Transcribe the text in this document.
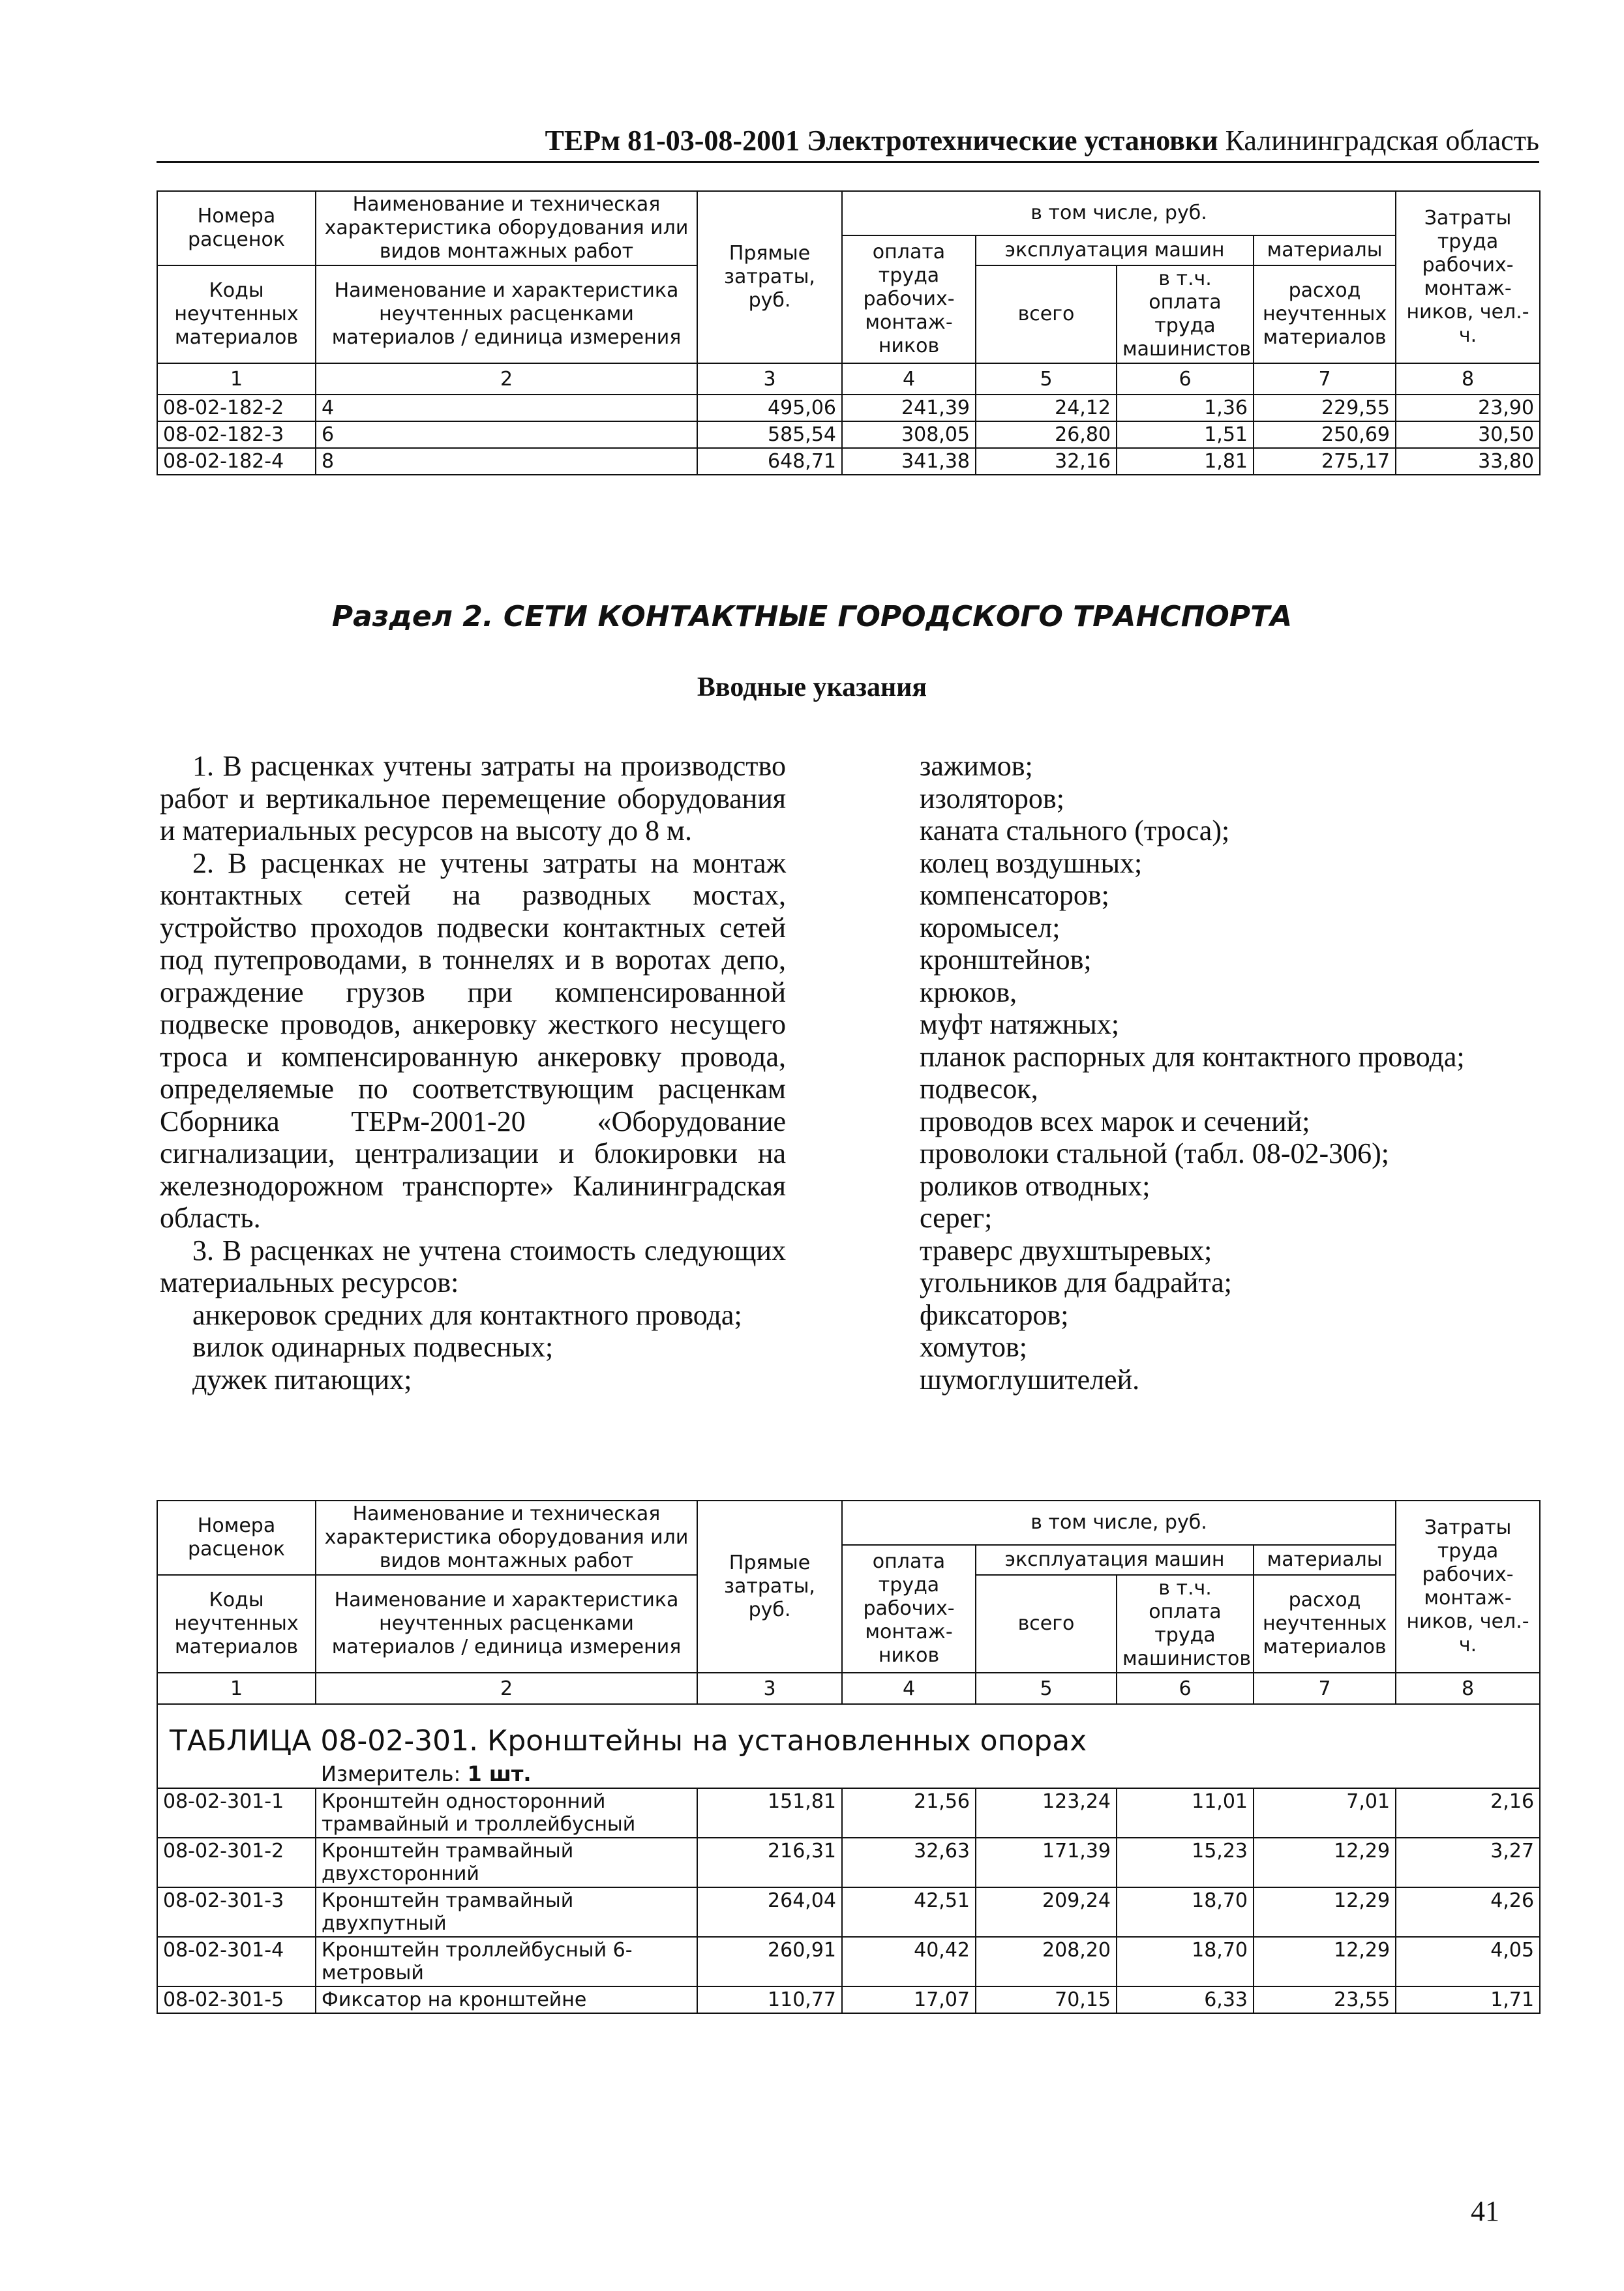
ТЕРм 81-03-08-2001 Электротехнические установки Калининградская область
Номера расценок	Наименование и техническая характеристика оборудования или видов монтажных работ	Прямые затраты, руб.	в том числе, руб.				Затраты труда рабочих-монтаж-ников, чел.-ч.
			оплата труда рабочих-монтаж-ников	эксплуатация машин		материалы	
Коды неучтенных материалов	Наименование и характеристика неучтенных расценками материалов / единица измерения			всего	в т.ч. оплата труда машинистов	расход неучтенных материалов	

1	2	3	4	5	6	7	8
08-02-182-2	4	495,06	241,39	24,12	1,36	229,55	23,90
08-02-182-3	6	585,54	308,05	26,80	1,51	250,69	30,50
08-02-182-4	8	648,71	341,38	32,16	1,81	275,17	33,80
Раздел 2. СЕТИ КОНТАКТНЫЕ ГОРОДСКОГО ТРАНСПОРТА
Вводные указания

1. В расценках учтены затраты на производство работ и вертикальное перемещение оборудования и материальных ресурсов на высоту до 8 м.

2. В расценках не учтены затраты на монтаж контактных сетей на разводных мостах, устройство проходов подвески контактных сетей под путепроводами, в тоннелях и в воротах депо, ограждение грузов при компенсированной подвеске проводов, анкеровку жесткого несущего троса и компенсированную анкеровку провода, определяемые по соответствующим расценкам Сборника ТЕРм-2001-20 «Оборудование сигнализации, централизации и блокировки на железнодорожном транспорте» Калининградская область.

3. В расценках не учтена стоимость следующих материальных ресурсов:

анкеровок средних для контактного провода;

вилок одинарных подвесных;

дужек питающих;

зажимов;

изоляторов;

каната стального (троса);

колец воздушных;

компенсаторов;

коромысел;

кронштейнов;

крюков,

муфт натяжных;

планок распорных для контактного провода;

подвесок,

проводов всех марок и сечений;

проволоки стальной (табл. 08-02-306);

роликов отводных;

серег;

траверс двухштыревых;

угольников для бадрайта;

фиксаторов;

хомутов;

шумоглушителей.

Номера расценок	Наименование и техническая характеристика оборудования или видов монтажных работ	Прямые затраты, руб.	в том числе, руб.				Затраты труда рабочих-монтаж-ников, чел.-ч.
			оплата труда рабочих-монтаж-ников	эксплуатация машин		материалы	
Коды неучтенных материалов	Наименование и характеристика неучтенных расценками материалов / единица измерения			всего	в т.ч. оплата труда машинистов	расход неучтенных материалов	

1	2	3	4	5	6	7	8
ТАБЛИЦА 08-02-301. Кронштейны на установленных опорах							
Измеритель: 1 шт.							
08-02-301-1	Кронштейн односторонний трамвайный и троллейбусный	151,81	21,56	123,24	11,01	7,01	2,16
08-02-301-2	Кронштейн трамвайный двухсторонний	216,31	32,63	171,39	15,23	12,29	3,27
08-02-301-3	Кронштейн трамвайный двухпутный	264,04	42,51	209,24	18,70	12,29	4,26
08-02-301-4	Кронштейн троллейбусный 6-метровый	260,91	40,42	208,20	18,70	12,29	4,05
08-02-301-5	Фиксатор на кронштейне	110,77	17,07	70,15	6,33	23,55	1,71
41
